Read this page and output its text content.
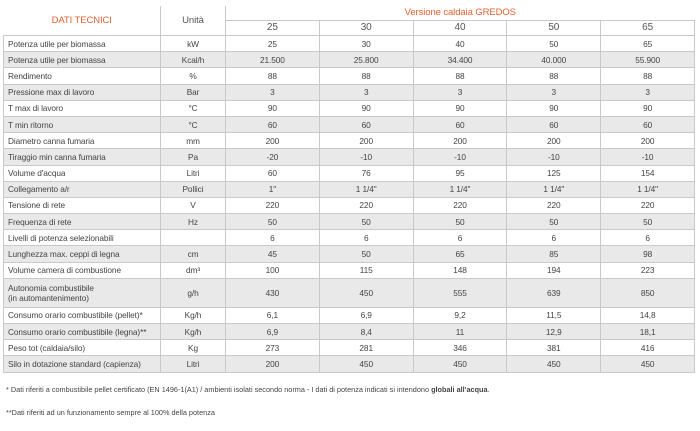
DATI TECNICI	Unità	Versione caldaia GREDOS				
		25	30	40	50	65
Potenza utile per biomassa	kW	25	30	40	50	65
Potenza utile per biomassa	Kcal/h	21.500	25.800	34.400	40.000	55.900
Rendimento	%	88	88	88	88	88
Pressione max di lavoro	Bar	3	3	3	3	3
T max di lavoro	°C	90	90	90	90	90
T min ritorno	°C	60	60	60	60	60
Diametro canna fumaria	mm	200	200	200	200	200
Tiraggio min canna fumaria	Pa	-20	-10	-10	-10	-10
Volume d'acqua	Litri	60	76	95	125	154
Collegamento a/r	Pollici	1"	1 1/4"	1 1/4"	1 1/4"	1 1/4"
Tensione di rete	V	220	220	220	220	220
Frequenza di rete	Hz	50	50	50	50	50
Livelli di potenza selezionabili		6	6	6	6	6
Lunghezza max. ceppi di legna	cm	45	50	65	85	98
Volume camera di combustione	dm³	100	115	148	194	223
Autonomia combustibile
(in automantenimento)	g/h	430	450	555	639	850
Consumo orario combustibile (pellet)*	Kg/h	6,1	6,9	9,2	11,5	14,8
Consumo orario combustibile (legna)**	Kg/h	6,9	8,4	11	12,9	18,1
Peso tot (caldaia/silo)	Kg	273	281	346	381	416
Silo in dotazione standard (capienza)	Litri	200	450	450	450	450

* Dati riferiti a combustibile pellet certificato (EN 1496-1(A1) / ambienti isolati secondo norma - I dati di potenza indicati si intendono globali all'acqua.

**Dati riferiti ad un funzionamento sempre al 100% della potenza
